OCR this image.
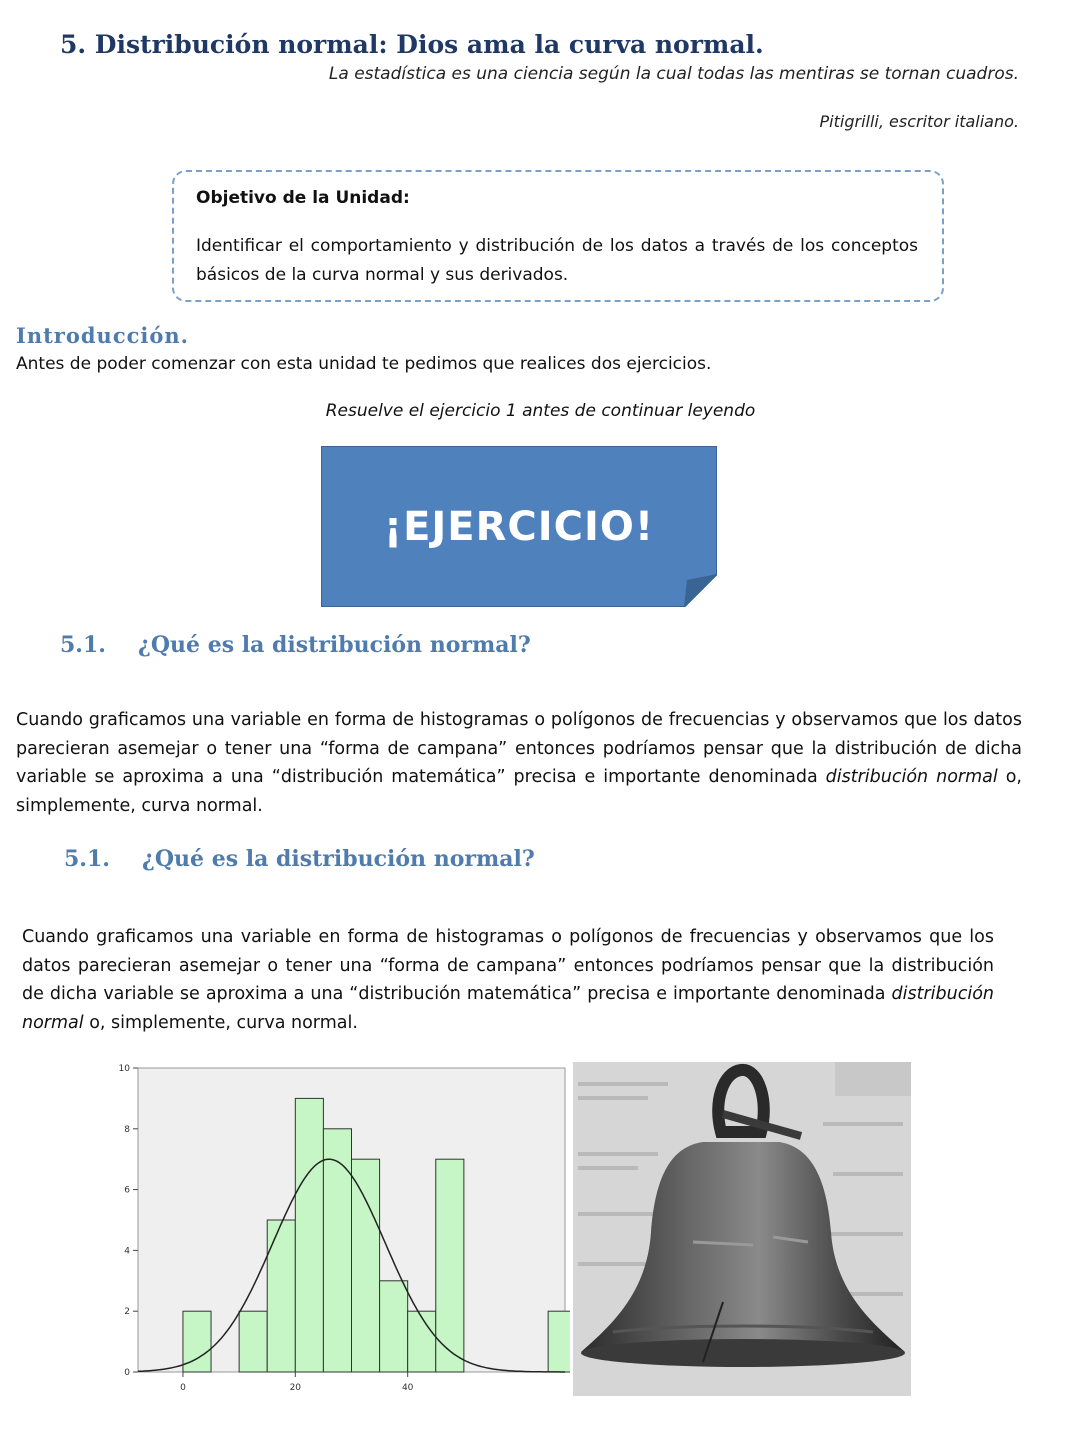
5. Distribución normal: Dios ama la curva normal.
La estadística es una ciencia según la cual todas las mentiras se tornan cuadros.
Pitigrilli, escritor italiano.
Objetivo de la Unidad:
Identificar el comportamiento y distribución de los datos a través de los conceptos básicos de la curva normal y sus derivados.
Introducción.
Antes de poder comenzar con esta unidad te pedimos que realices dos ejercicios.
Resuelve el ejercicio 1 antes de continuar leyendo
¡EJERCICIO!
5.1. ¿Qué es la distribución normal?
Cuando graficamos una variable en forma de histogramas o polígonos de frecuencias y observamos que los datos parecieran asemejar o tener una “forma de campana” entonces podríamos pensar que la distribución de dicha variable se aproxima a una “distribución matemática” precisa e importante denominada distribución normal o, simplemente, curva normal.
5.1. ¿Qué es la distribución normal?
Cuando graficamos una variable en forma de histogramas o polígonos de frecuencias y observamos que los datos parecieran asemejar o tener una “forma de campana” entonces podríamos pensar que la distribución de dicha variable se aproxima a una “distribución matemática” precisa e importante denominada distribución normal o, simplemente, curva normal.
0
2
4
6
8
10
0	20	40
